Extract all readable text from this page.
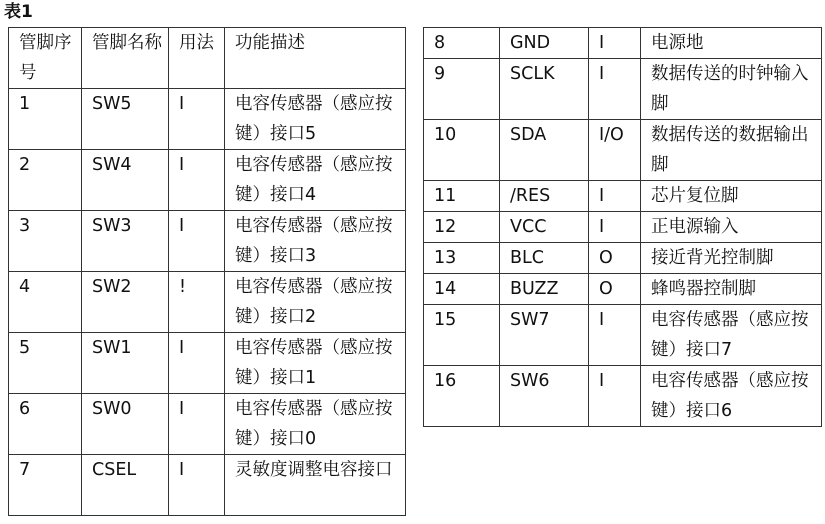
表1
管脚序号	管脚名称	用法	功能描述
1	SW5	I	电容传感器（感应按键）接口5
2	SW4	I	电容传感器（感应按键）接口4
3	SW3	I	电容传感器（感应按键）接口3
4	SW2	!	电容传感器（感应按键）接口2
5	SW1	I	电容传感器（感应按键）接口1
6	SW0	I	电容传感器（感应按键）接口0
7	CSEL	I	灵敏度调整电容接口
8	GND	I	电源地
9	SCLK	I	数据传送的时钟输入脚
10	SDA	I/O	数据传送的数据输出脚
11	/RES	I	芯片复位脚
12	VCC	I	正电源输入
13	BLC	O	接近背光控制脚
14	BUZZ	O	蜂鸣器控制脚
15	SW7	I	电容传感器（感应按键）接口7
16	SW6	I	电容传感器（感应按键）接口6
